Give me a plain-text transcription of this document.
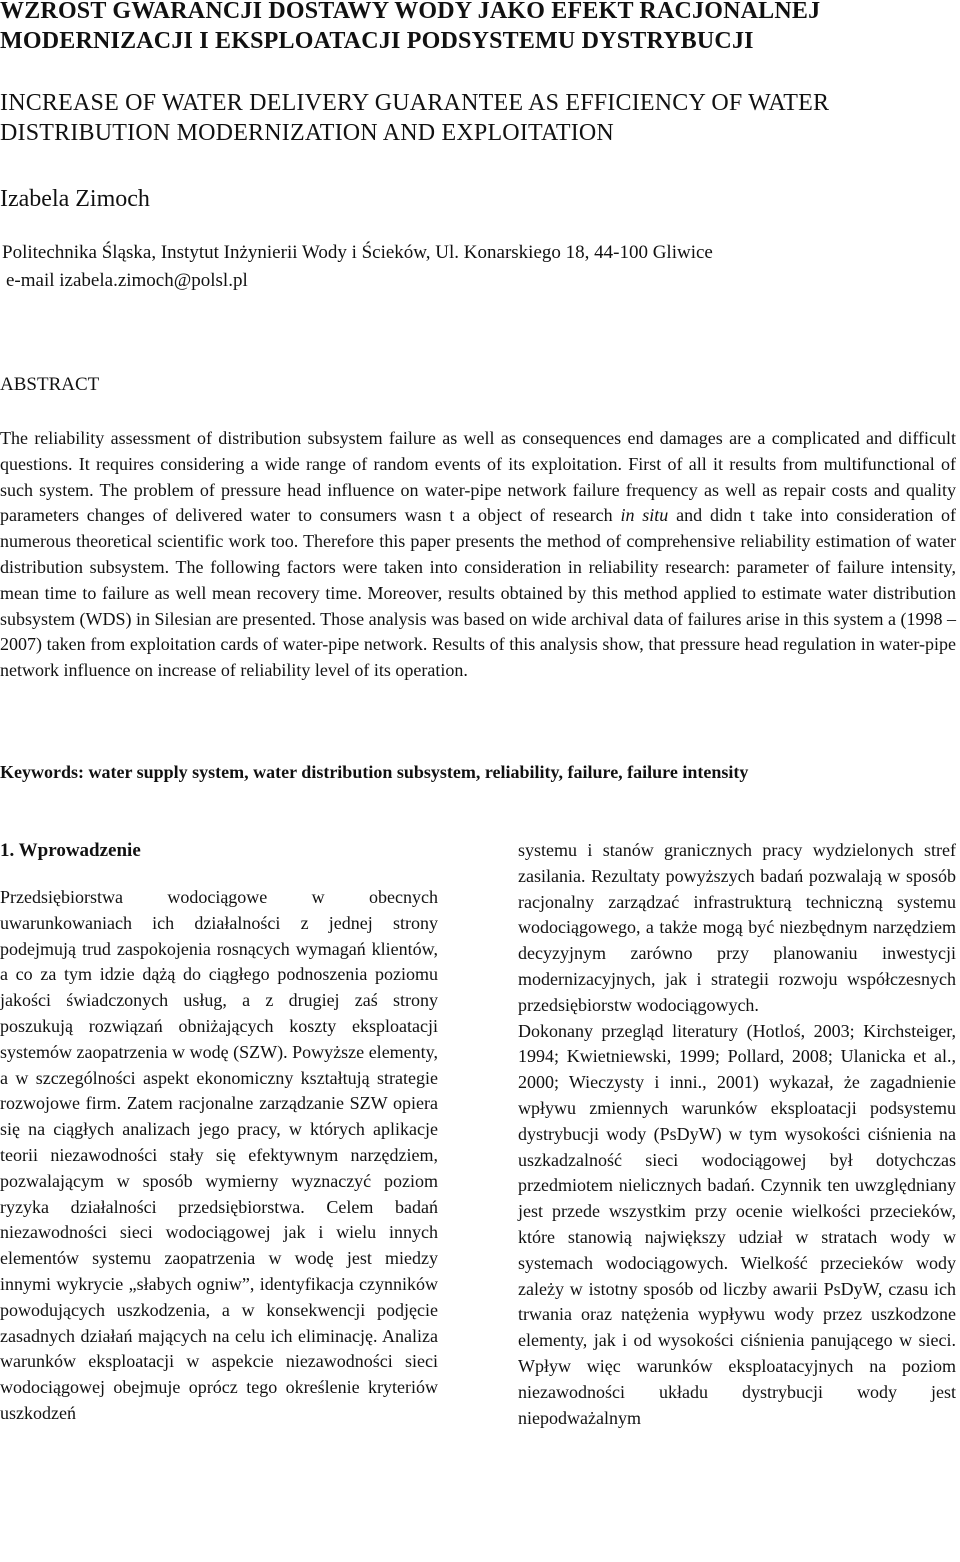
WZROST GWARANCJI DOSTAWY WODY JAKO EFEKT RACJONALNEJ MODERNIZACJI I EKSPLOATACJI PODSYSTEMU DYSTRYBUCJI
INCREASE OF WATER DELIVERY GUARANTEE AS EFFICIENCY OF WATER DISTRIBUTION MODERNIZATION AND EXPLOITATION
Izabela Zimoch
Politechnika Śląska, Instytut Inżynierii Wody i Ścieków, Ul. Konarskiego 18, 44-100 Gliwice
e-mail izabela.zimoch@polsl.pl
ABSTRACT
The reliability assessment of distribution subsystem failure as well as consequences end damages are a complicated and difficult questions. It requires considering a wide range of random events of its exploitation. First of all it results from multifunctional of such system. The problem of pressure head influence on water-pipe network failure frequency as well as repair costs and quality parameters changes of delivered water to consumers wasn t a object of research in situ and didn t take into consideration of numerous theoretical scientific work too. Therefore this paper presents the method of comprehensive reliability estimation of water distribution subsystem. The following factors were taken into consideration in reliability research: parameter of failure intensity, mean time to failure as well mean recovery time. Moreover, results obtained by this method applied to estimate water distribution subsystem (WDS) in Silesian are presented. Those analysis was based on wide archival data of failures arise in this system a (1998 – 2007) taken from exploitation cards of water-pipe network. Results of this analysis show, that pressure head regulation in water-pipe network influence on increase of reliability level of its operation.
Keywords: water supply system, water distribution subsystem, reliability, failure, failure intensity
1. Wprowadzenie

Przedsiębiorstwa wodociągowe w obecnych uwarunkowaniach ich działalności z jednej strony podejmują trud zaspokojenia rosnących wymagań klientów, a co za tym idzie dążą do ciągłego podnoszenia poziomu jakości świadczonych usług, a z drugiej zaś strony poszukują rozwiązań obniżających koszty eksploatacji systemów zaopatrzenia w wodę (SZW). Powyższe elementy, a w szczególności aspekt ekonomiczny kształtują strategie rozwojowe firm. Zatem racjonalne zarządzanie SZW opiera się na ciągłych analizach jego pracy, w których aplikacje teorii niezawodności stały się efektywnym narzędziem, pozwalającym w sposób wymierny wyznaczyć poziom ryzyka działalności przedsiębiorstwa. Celem badań niezawodności sieci wodociągowej jak i wielu innych elementów systemu zaopatrzenia w wodę jest miedzy innymi wykrycie „słabych ogniw”, identyfikacja czynników powodujących uszkodzenia, a w konsekwencji podjęcie zasadnych działań mających na celu ich eliminację. Analiza warunków eksploatacji w aspekcie niezawodności sieci wodociągowej obejmuje oprócz tego określenie kryteriów uszkodzeń

systemu i stanów granicznych pracy wydzielonych stref zasilania. Rezultaty powyższych badań pozwalają w sposób racjonalny zarządzać infrastrukturą techniczną systemu wodociągowego, a także mogą być niezbędnym narzędziem decyzyjnym zarówno przy planowaniu inwestycji modernizacyjnych, jak i strategii rozwoju współczesnych przedsiębiorstw wodociągowych.

Dokonany przegląd literatury (Hotloś, 2003; Kirchsteiger, 1994; Kwietniewski, 1999; Pollard, 2008; Ulanicka et al., 2000; Wieczysty i inni., 2001) wykazał, że zagadnienie wpływu zmiennych warunków eksploatacji podsystemu dystrybucji wody (PsDyW) w tym wysokości ciśnienia na uszkadzalność sieci wodociągowej był dotychczas przedmiotem nielicznych badań. Czynnik ten uwzględniany jest przede wszystkim przy ocenie wielkości przecieków, które stanowią największy udział w stratach wody w systemach wodociągowych. Wielkość przecieków wody zależy w istotny sposób od liczby awarii PsDyW, czasu ich trwania oraz natężenia wypływu wody przez uszkodzone elementy, jak i od wysokości ciśnienia panującego w sieci. Wpływ więc warunków eksploatacyjnych na poziom niezawodności układu dystrybucji wody jest niepodważalnym
